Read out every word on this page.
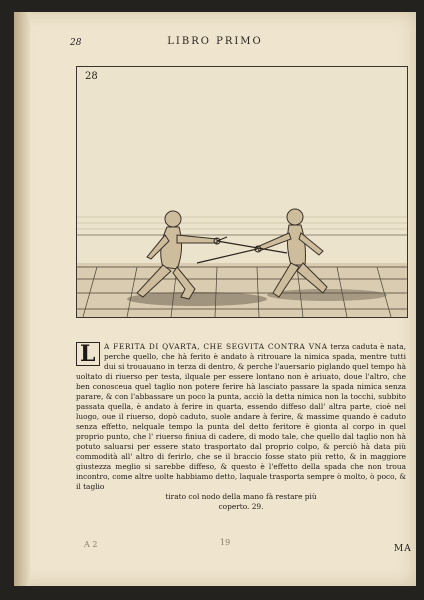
28	LIBRO PRIMO
28
L	A FERITA DI QVARTA, CHE SEGVITA CONTRA VNA terza caduta è nata, perche quello, che hà ferito è andato à ritrouare la nimica spada, mentre tutti dui si trouauano in terza di dentro, & perche l'auersario piglando quel tempo hà uoltato di riuerso per testa, ilquale per essere lontano non è ariuato, doue l'altro, che ben conosceua quel taglio non potere ferire hà lasciato passare la spada nimica senza parare, & con l'abbassare un poco la punta, acciò la detta nimica non la tocchi, subbito passata quella, è andato à ferire in quarta, essendo diffeso dall' altra parte, cioè nel luogo, oue il riuerso, dopò caduto, suole andare à ferire, & massime quando è caduto senza effetto, nelquale tempo la punta del detto feritore è gionta al corpo in quel proprio punto, che l' riuerso finiua di cadere, di modo tale, che quello dal taglio non hà potuto saluarsi per essere stato trasportato dal proprio colpo, & perciò hà data più commodità all' altro di ferirlo, che se il braccio fosse stato più retto, & in maggiore giustezza meglio si sarebbe diffeso, & questo è l'effetto della spada che non troua incontro, come altre uolte habbiamo detto, laquale trasporta sempre ò molto, ò poco, & il taglio

tirato col nodo della mano fà restare più
coperto. 29.
A 2	19
MA
